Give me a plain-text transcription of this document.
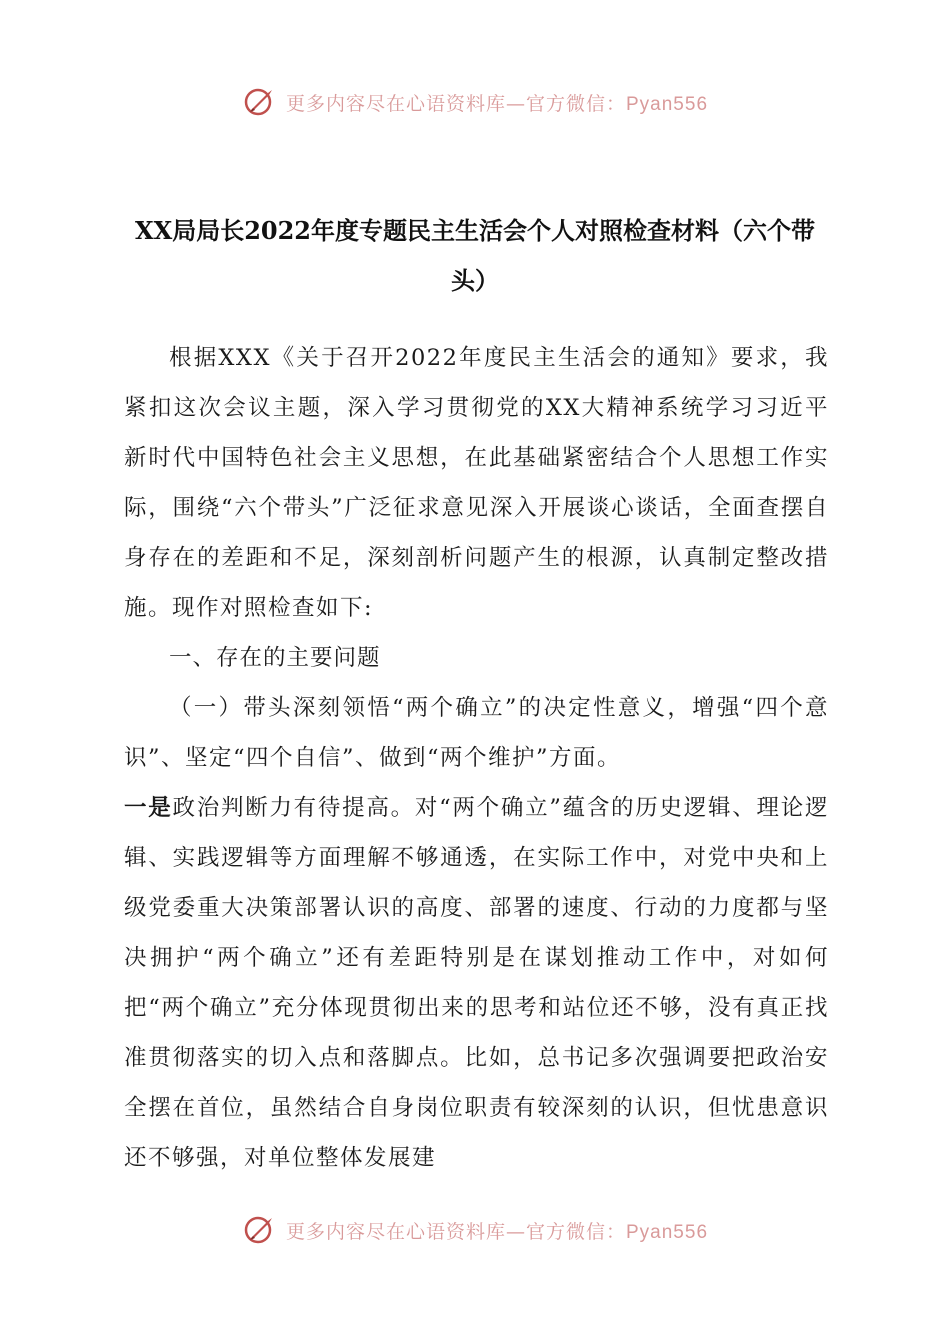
更多内容尽在心语资料库—官方微信：Pyan556
XX局局长2022年度专题民主生活会个人对照检查材料（六个带头）

根据XXX《关于召开2022年度民主生活会的通知》要求，我紧扣这次会议主题，深入学习贯彻党的XX大精神系统学习习近平新时代中国特色社会主义思想，在此基础紧密结合个人思想工作实际，围绕“六个带头”广泛征求意见深入开展谈心谈话，全面查摆自身存在的差距和不足，深刻剖析问题产生的根源，认真制定整改措施。现作对照检查如下:

一、存在的主要问题

（一）带头深刻领悟“两个确立”的决定性意义，增强“四个意识”、坚定“四个自信”、做到“两个维护”方面。

一是政治判断力有待提高。对“两个确立”蕴含的历史逻辑、理论逻辑、实践逻辑等方面理解不够通透，在实际工作中，对党中央和上级党委重大决策部署认识的高度、部署的速度、行动的力度都与坚决拥护“两个确立”还有差距特别是在谋划推动工作中，对如何把“两个确立”充分体现贯彻出来的思考和站位还不够，没有真正找准贯彻落实的切入点和落脚点。比如，总书记多次强调要把政治安全摆在首位，虽然结合自身岗位职责有较深刻的认识，但忧患意识还不够强，对单位整体发展建

更多内容尽在心语资料库—官方微信：Pyan556
